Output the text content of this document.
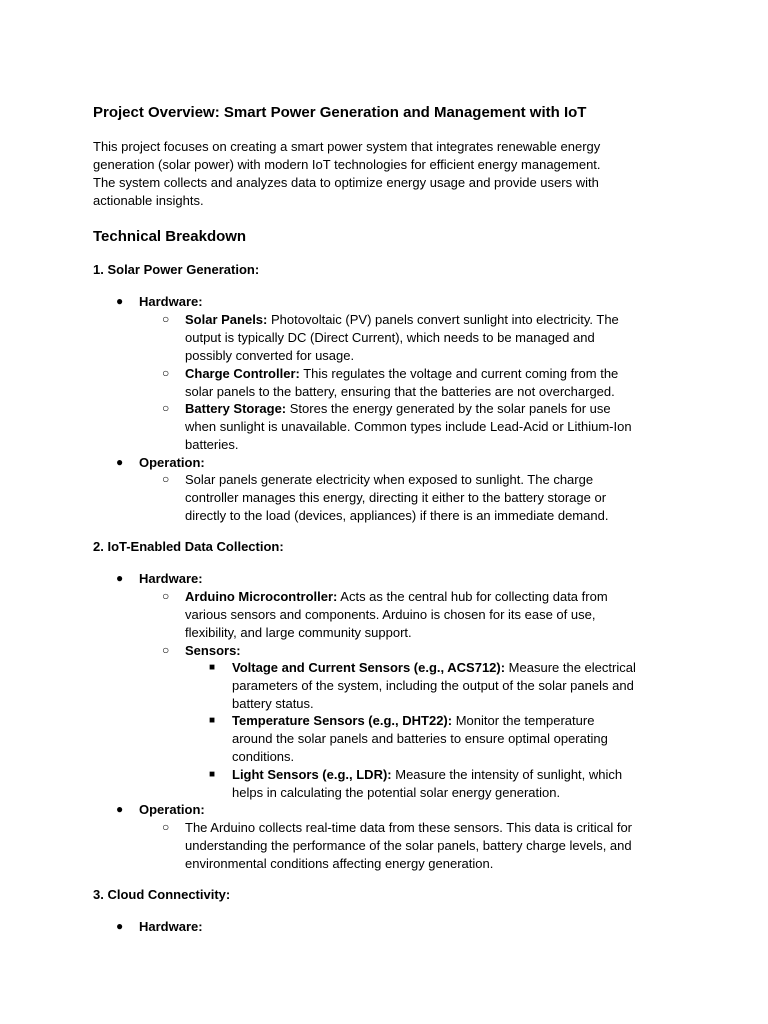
Project Overview: Smart Power Generation and Management with IoT
This project focuses on creating a smart power system that integrates renewable energy
generation (solar power) with modern IoT technologies for efficient energy management.
The system collects and analyzes data to optimize energy usage and provide users with
actionable insights.
Technical Breakdown
1. Solar Power Generation:
● Hardware:
○ Solar Panels: Photovoltaic (PV) panels convert sunlight into electricity. The
output is typically DC (Direct Current), which needs to be managed and
possibly converted for usage.
○ Charge Controller: This regulates the voltage and current coming from the
solar panels to the battery, ensuring that the batteries are not overcharged.
○ Battery Storage: Stores the energy generated by the solar panels for use
when sunlight is unavailable. Common types include Lead-Acid or Lithium-Ion
batteries.
● Operation:
○ Solar panels generate electricity when exposed to sunlight. The charge
controller manages this energy, directing it either to the battery storage or
directly to the load (devices, appliances) if there is an immediate demand.
2. IoT-Enabled Data Collection:
● Hardware:
○ Arduino Microcontroller: Acts as the central hub for collecting data from
various sensors and components. Arduino is chosen for its ease of use,
flexibility, and large community support.
○ Sensors:
■ Voltage and Current Sensors (e.g., ACS712): Measure the electrical
parameters of the system, including the output of the solar panels and
battery status.
■ Temperature Sensors (e.g., DHT22): Monitor the temperature
around the solar panels and batteries to ensure optimal operating
conditions.
■ Light Sensors (e.g., LDR): Measure the intensity of sunlight, which
helps in calculating the potential solar energy generation.
● Operation:
○ The Arduino collects real-time data from these sensors. This data is critical for
understanding the performance of the solar panels, battery charge levels, and
environmental conditions affecting energy generation.
3. Cloud Connectivity:
● Hardware:
